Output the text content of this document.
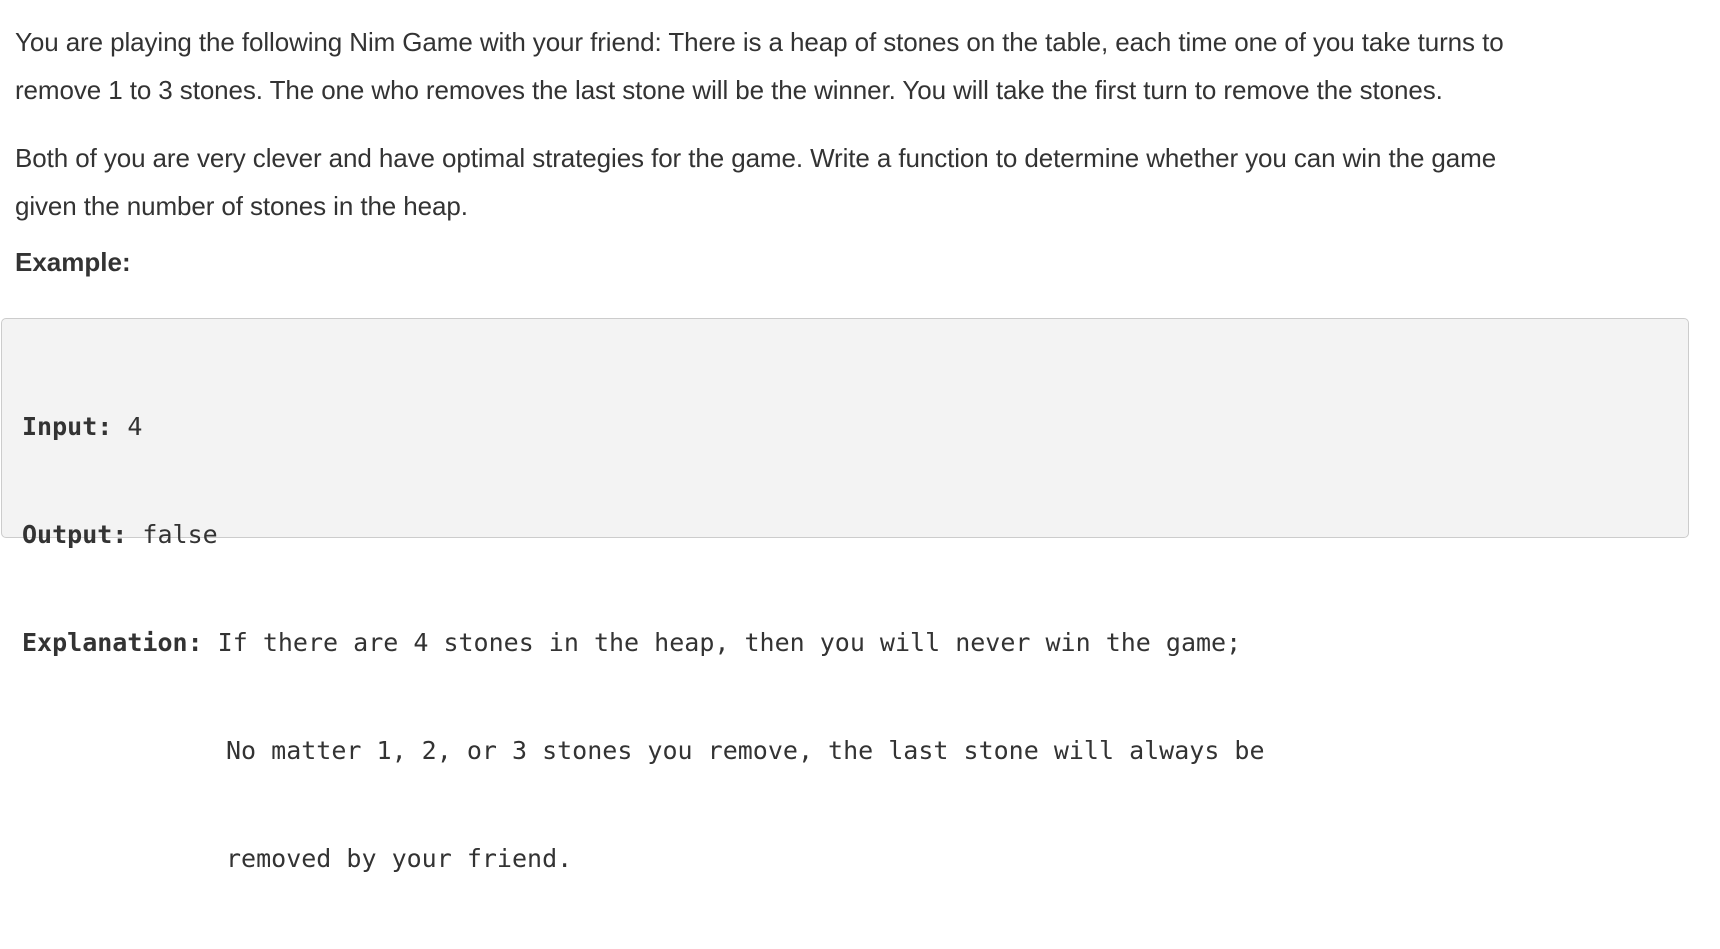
You are playing the following Nim Game with your friend: There is a heap of stones on the table, each time one of you take turns to remove 1 to 3 stones. The one who removes the last stone will be the winner. You will take the first turn to remove the stones.

Both of you are very clever and have optimal strategies for the game. Write a function to determine whether you can win the game given the number of stones in the heap.

Example:

Input: 4

Output: false

Explanation: If there are 4 stones in the heap, then you will never win the game;

No matter 1, 2, or 3 stones you remove, the last stone will always be

removed by your friend.
